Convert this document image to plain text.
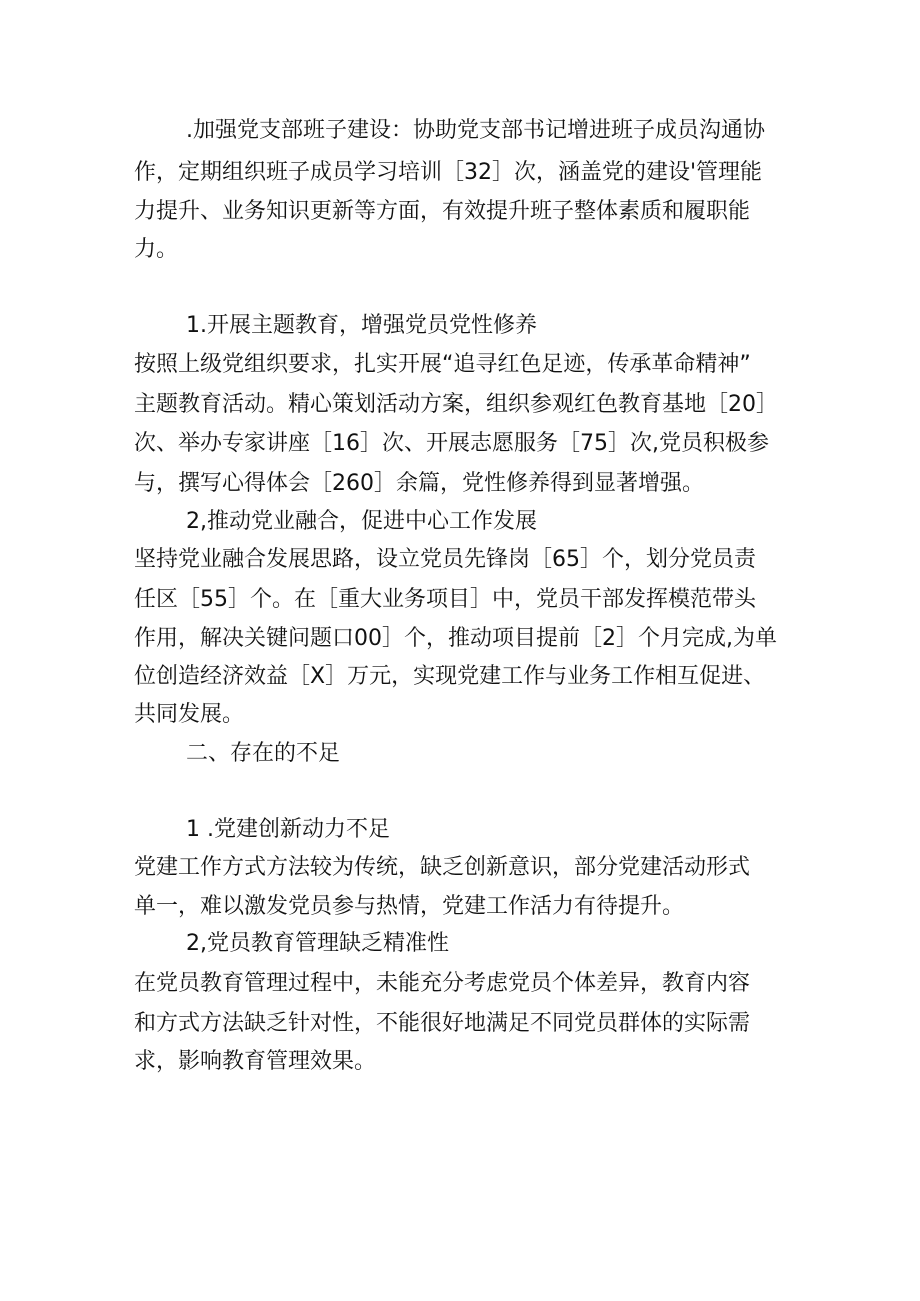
.加强党支部班子建设：协助党支部书记增进班子成员沟通协

作，定期组织班子成员学习培训［32］次，涵盖党的建设'管理能

力提升、业务知识更新等方面，有效提升班子整体素质和履职能

力。

1.开展主题教育，增强党员党性修养

按照上级党组织要求，扎实开展“追寻红色足迹，传承革命精神”

主题教育活动。精心策划活动方案，组织参观红色教育基地［20］

次、举办专家讲座［16］次、开展志愿服务［75］次,党员积极参

与，撰写心得体会［260］余篇，党性修养得到显著增强。

2,推动党业融合，促进中心工作发展

坚持党业融合发展思路，设立党员先锋岗［65］个，划分党员责

任区［55］个。在［重大业务项目］中，党员干部发挥模范带头

作用，解决关键问题口00］个，推动项目提前［2］个月完成,为单

位创造经济效益［X］万元，实现党建工作与业务工作相互促进、

共同发展。

二、存在的不足

1 .党建创新动力不足

党建工作方式方法较为传统，缺乏创新意识，部分党建活动形式

单一，难以激发党员参与热情，党建工作活力有待提升。

2,党员教育管理缺乏精准性

在党员教育管理过程中，未能充分考虑党员个体差异，教育内容

和方式方法缺乏针对性，不能很好地满足不同党员群体的实际需

求，影响教育管理效果。
